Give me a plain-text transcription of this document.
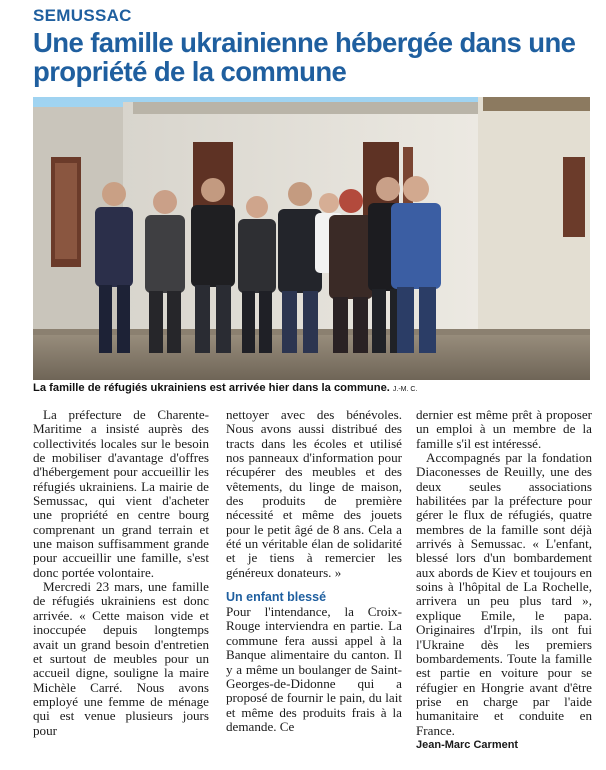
SEMUSSAC
Une famille ukrainienne hébergée dans une propriété de la commune
La famille de réfugiés ukrainiens est arrivée hier dans la commune. J.-M. C.

La préfecture de Charente-Maritime a insisté auprès des collectivités locales sur le besoin de mobiliser d'avantage d'offres d'hébergement pour accueillir les réfugiés ukrainiens. La mairie de Semussac, qui vient d'acheter une propriété en centre bourg comprenant un grand terrain et une maison suffisamment grande pour accueillir une famille, s'est donc portée volontaire.

Mercredi 23 mars, une famille de réfugiés ukrainiens est donc arrivée. « Cette maison vide et inoccupée depuis longtemps avait un grand besoin d'entretien et surtout de meubles pour un accueil digne, souligne la maire Michèle Carré. Nous avons employé une femme de ménage qui est venue plusieurs jours pour

nettoyer avec des bénévoles. Nous avons aussi distribué des tracts dans les écoles et utilisé nos panneaux d'information pour récupérer des meubles et des vêtements, du linge de maison, des produits de première nécessité et même des jouets pour le petit âgé de 8 ans. Cela a été un véritable élan de solidarité et je tiens à remercier les généreux donateurs. »

Un enfant blessé

Pour l'intendance, la Croix-Rouge interviendra en partie. La commune fera aussi appel à la Banque alimentaire du canton. Il y a même un boulanger de Saint-Georges-de-Didonne qui a proposé de fournir le pain, du lait et même des produits frais à la demande. Ce

dernier est même prêt à proposer un emploi à un membre de la famille s'il est intéressé.

Accompagnés par la fondation Diaconesses de Reuilly, une des deux seules associations habilitées par la préfecture pour gérer le flux de réfugiés, quatre membres de la famille sont déjà arrivés à Semussac. « L'enfant, blessé lors d'un bombardement aux abords de Kiev et toujours en soins à l'hôpital de La Rochelle, arrivera un peu plus tard », explique Emile, le papa. Originaires d'Irpin, ils ont fui l'Ukraine dès les premiers bombardements. Toute la famille est partie en voiture pour se réfugier en Hongrie avant d'être prise en charge par l'aide humanitaire et conduite en France.

Jean-Marc Carment
